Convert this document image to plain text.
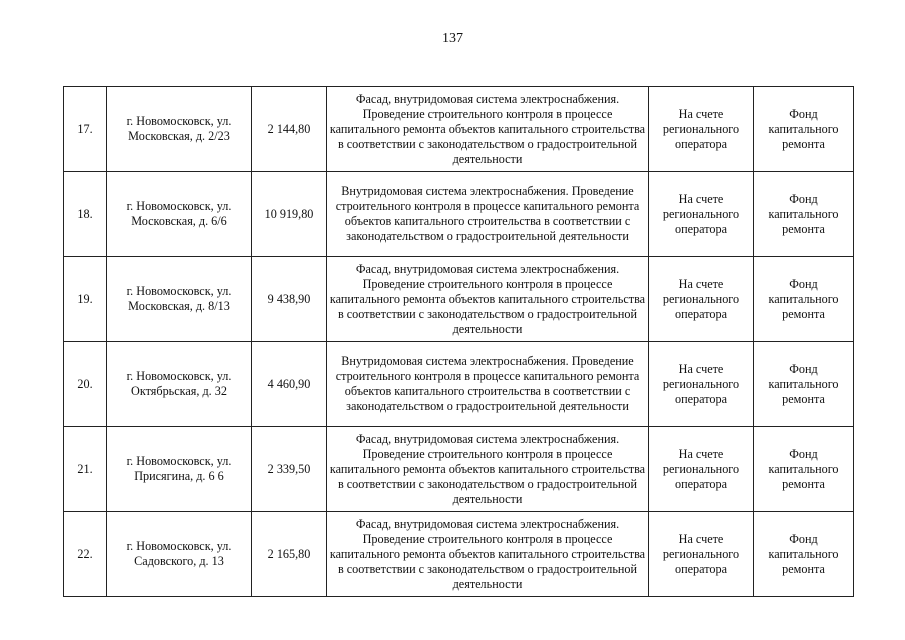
137
17.	г. Новомосковск, ул. Московская, д. 2/23	2 144,80	Фасад, внутридомовая система электроснабжения. Проведение строительного контроля в процессе капитального ремонта объектов капитального строительства в соответствии с законодательством о градостроительной деятельности	На счете регионального оператора	Фонд капитального ремонта
18.	г. Новомосковск, ул. Московская, д. 6/6	10 919,80	Внутридомовая система электроснабжения. Проведение строительного контроля в процессе капитального ремонта объектов капитального строительства в соответствии с законодательством о градостроительной деятельности	На счете регионального оператора	Фонд капитального ремонта
19.	г. Новомосковск, ул. Московская, д. 8/13	9 438,90	Фасад, внутридомовая система электроснабжения. Проведение строительного контроля в процессе капитального ремонта объектов капитального строительства в соответствии с законодательством о градостроительной деятельности	На счете регионального оператора	Фонд капитального ремонта
20.	г. Новомосковск, ул. Октябрьская, д. 32	4 460,90	Внутридомовая система электроснабжения. Проведение строительного контроля в процессе капитального ремонта объектов капитального строительства в соответствии с законодательством о градостроительной деятельности	На счете регионального оператора	Фонд капитального ремонта
21.	г. Новомосковск, ул. Присягина, д. 6 6	2 339,50	Фасад, внутридомовая система электроснабжения. Проведение строительного контроля в процессе капитального ремонта объектов капитального строительства в соответствии с законодательством о градостроительной деятельности	На счете регионального оператора	Фонд капитального ремонта
22.	г. Новомосковск, ул. Садовского, д. 13	2 165,80	Фасад, внутридомовая система электроснабжения. Проведение строительного контроля в процессе капитального ремонта объектов капитального строительства в соответствии с законодательством о градостроительной деятельности	На счете регионального оператора	Фонд капитального ремонта
